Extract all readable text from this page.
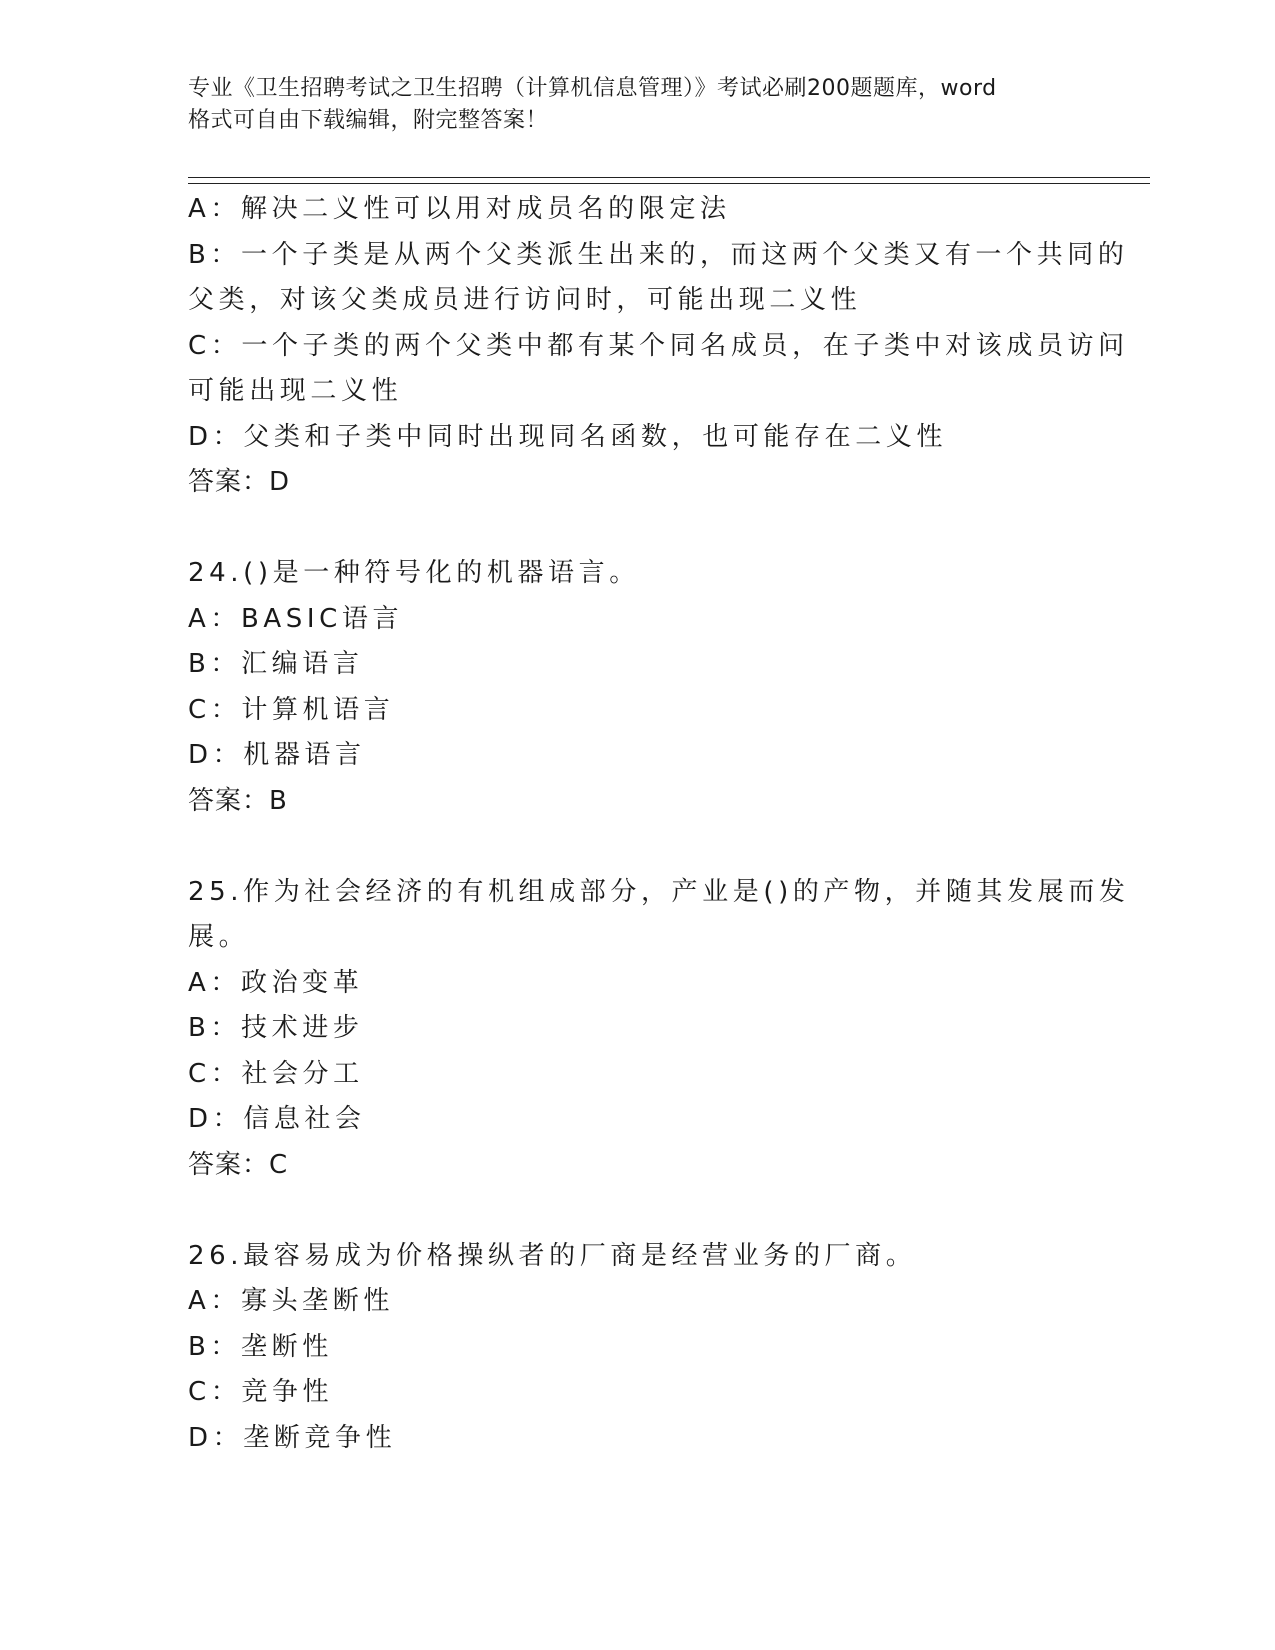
专业《卫生招聘考试之卫生招聘（计算机信息管理）》考试必刷200题题库，word
格式可自由下载编辑，附完整答案！
A：解决二义性可以用对成员名的限定法
B：一个子类是从两个父类派生出来的，而这两个父类又有一个共同的
父类，对该父类成员进行访问时，可能出现二义性
C：一个子类的两个父类中都有某个同名成员，在子类中对该成员访问
可能出现二义性
D：父类和子类中同时出现同名函数，也可能存在二义性
答案：D
24.()是一种符号化的机器语言。
A：BASIC语言
B：汇编语言
C：计算机语言
D：机器语言
答案：B
25.作为社会经济的有机组成部分，产业是()的产物，并随其发展而发
展。
A：政治变革
B：技术进步
C：社会分工
D：信息社会
答案：C
26.最容易成为价格操纵者的厂商是经营业务的厂商。
A：寡头垄断性
B：垄断性
C：竞争性
D：垄断竞争性
